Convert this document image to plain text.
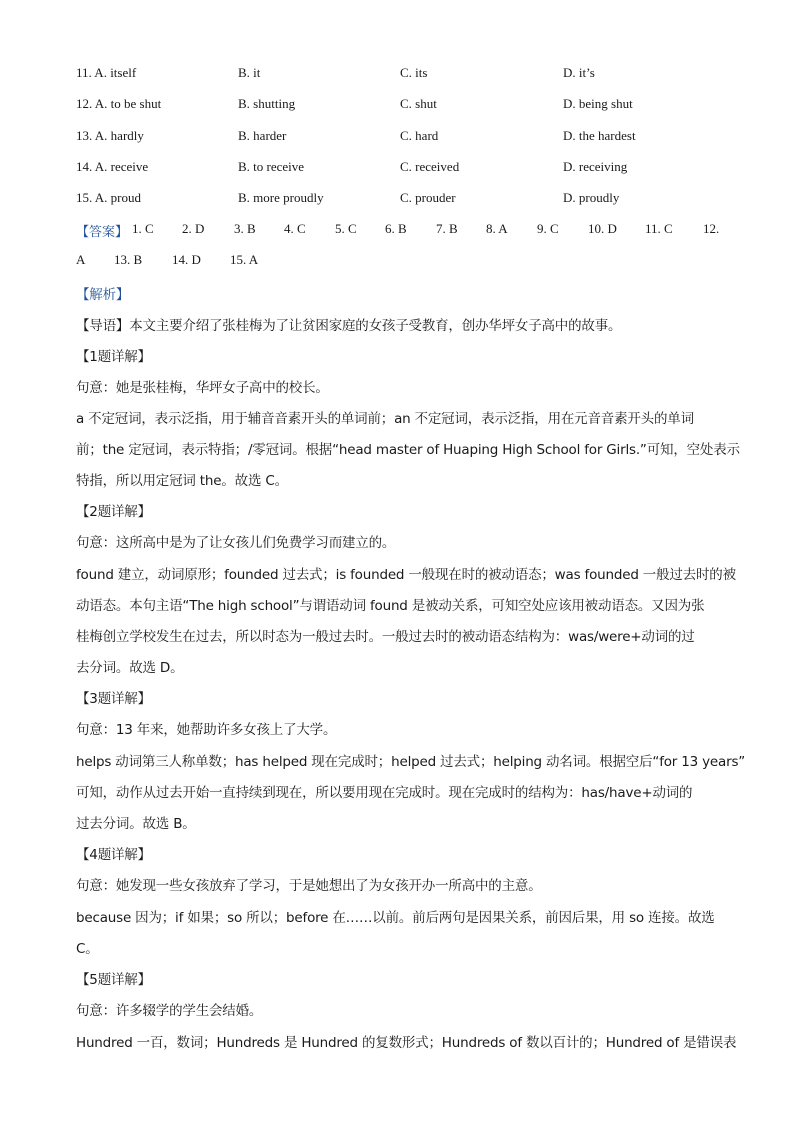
11. A. itself	B. it	C. its	D. it’s
12. A. to be shut	B. shutting	C. shut	D. being shut
13. A. hardly	B. harder	C. hard	D. the hardest
14. A. receive	B. to receive	C. received	D. receiving
15. A. proud	B. more proudly	C. prouder	D. proudly
【答案】 1. C 2. D 3. B 4. C 5. C 6. B 7. B 8. A 9. C 10. D 11. C 12.
A 13. B 14. D 15. A
【解析】
【导语】本文主要介绍了张桂梅为了让贫困家庭的女孩子受教育，创办华坪女子高中的故事。
【1题详解】
句意：她是张桂梅，华坪女子高中的校长。
a 不定冠词，表示泛指，用于辅音音素开头的单词前；an 不定冠词，表示泛指，用在元音音素开头的单词
前；the 定冠词，表示特指；/零冠词。根据“head master of Huaping High School for Girls.”可知，空处表示
特指，所以用定冠词 the。故选 C。
【2题详解】
句意：这所高中是为了让女孩儿们免费学习而建立的。
found 建立，动词原形；founded 过去式；is founded 一般现在时的被动语态；was founded 一般过去时的被
动语态。本句主语“The high school”与谓语动词 found 是被动关系，可知空处应该用被动语态。又因为张
桂梅创立学校发生在过去，所以时态为一般过去时。一般过去时的被动语态结构为：was/were+动词的过
去分词。故选 D。
【3题详解】
句意：13 年来，她帮助许多女孩上了大学。
helps 动词第三人称单数；has helped 现在完成时；helped 过去式；helping 动名词。根据空后“for 13 years”
可知，动作从过去开始一直持续到现在，所以要用现在完成时。现在完成时的结构为：has/have+动词的
过去分词。故选 B。
【4题详解】
句意：她发现一些女孩放弃了学习，于是她想出了为女孩开办一所高中的主意。
because 因为；if 如果；so 所以；before 在……以前。前后两句是因果关系，前因后果，用 so 连接。故选
C。
【5题详解】
句意：许多辍学的学生会结婚。
Hundred 一百，数词；Hundreds 是 Hundred 的复数形式；Hundreds of 数以百计的；Hundred of 是错误表
